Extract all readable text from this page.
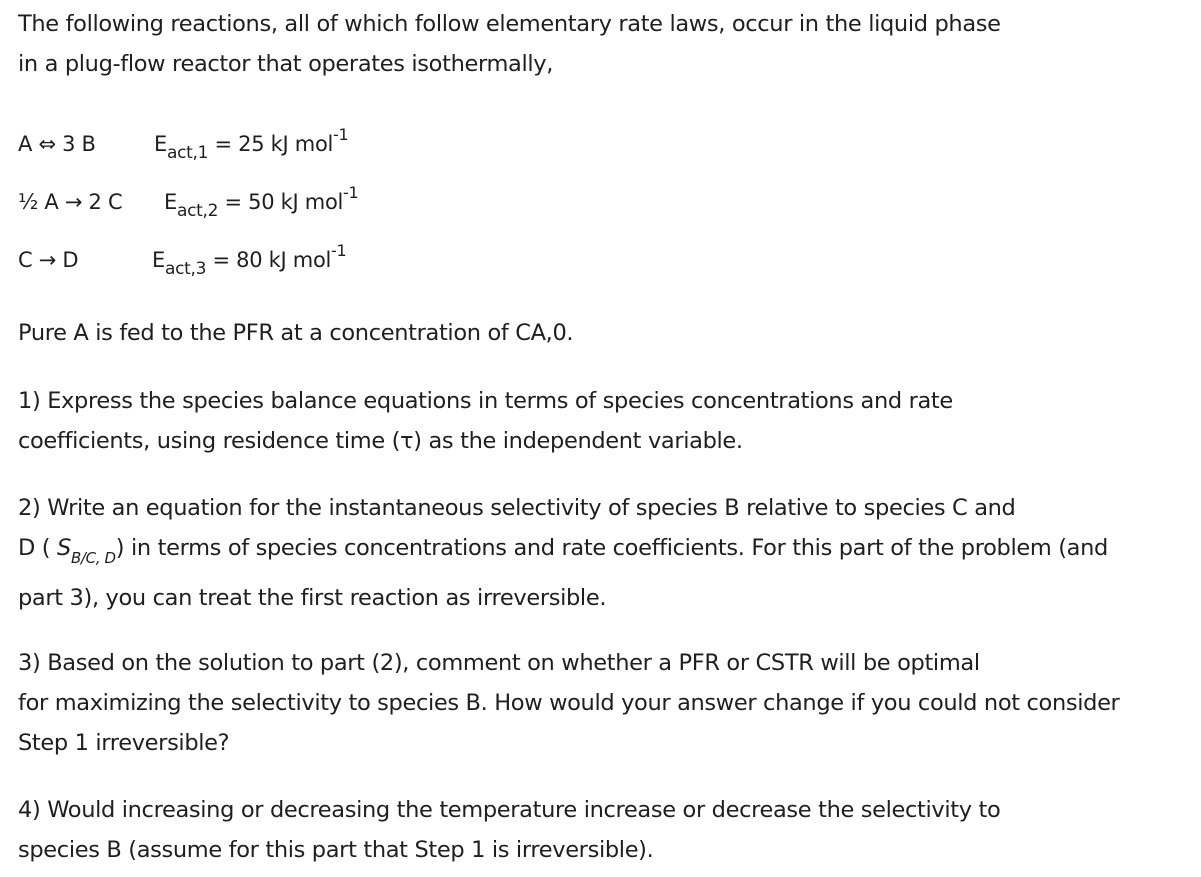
The following reactions, all of which follow elementary rate laws, occur in the liquid phase
in a plug-flow reactor that operates isothermally,

A ⇔ 3 B	$E_{act,1} = 25$ kJ mol$^{-1}$
½ A → 2 C $E_{act,2} = 50$ kJ mol$^{-1}$
C → D	$E_{act,3} = 80$ kJ mol$^{-1}$

Pure A is fed to the PFR at a concentration of CA,0.

1) Express the species balance equations in terms of species concentrations and rate
coefficients, using residence time (τ) as the independent variable.

2) Write an equation for the instantaneous selectivity of species B relative to species C and
D ( $S_{B/C, D}$) in terms of species concentrations and rate coefficients. For this part of the problem (and
part 3), you can treat the first reaction as irreversible.

3) Based on the solution to part (2), comment on whether a PFR or CSTR will be optimal
for maximizing the selectivity to species B. How would your answer change if you could not consider
Step 1 irreversible?

4) Would increasing or decreasing the temperature increase or decrease the selectivity to
species B (assume for this part that Step 1 is irreversible).
